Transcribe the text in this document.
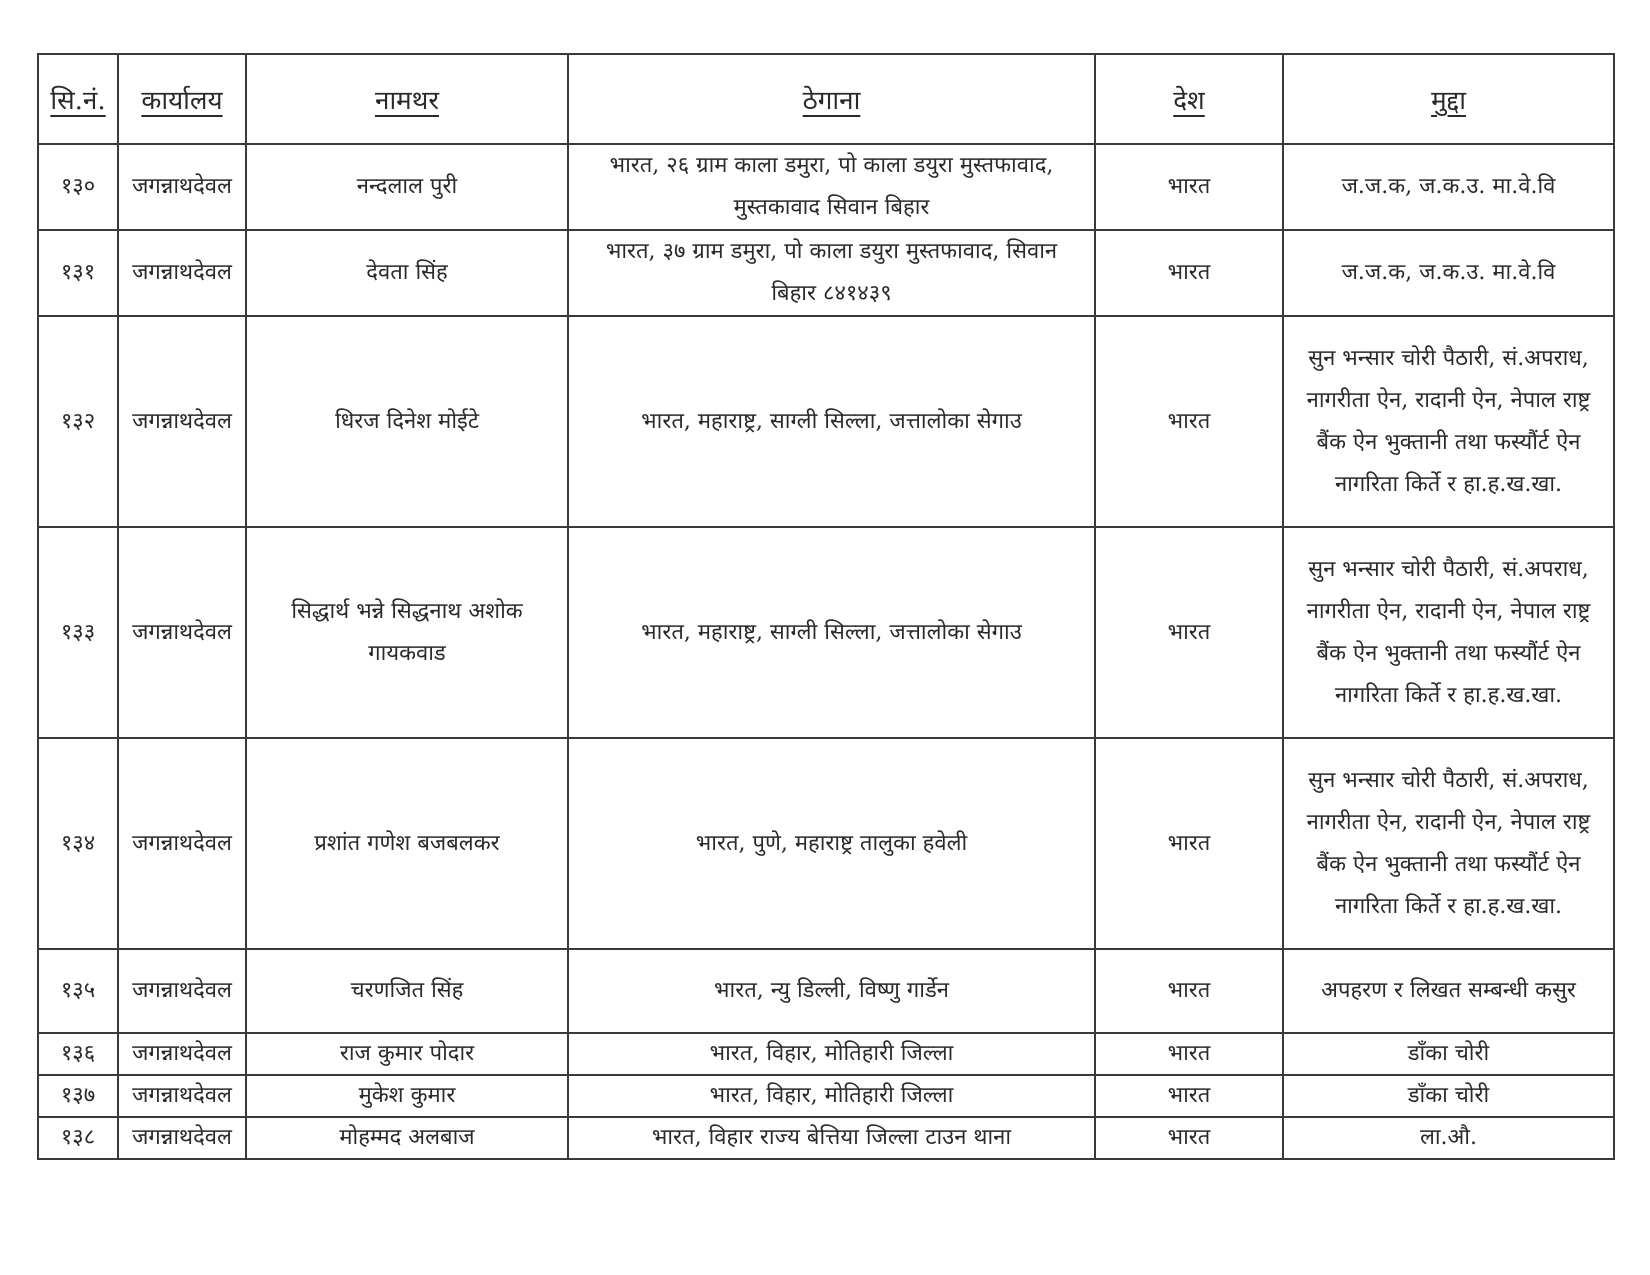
सि.नं.	कार्यालय	नामथर	ठेगाना	देश	मुद्दा
१३०	जगन्नाथदेवल	नन्दलाल पुरी	भारत, २६ ग्राम काला डमुरा, पो काला डयुरा मुस्तफावाद, मुस्तकावाद सिवान बिहार	भारत	ज.ज.क, ज.क.उ. मा.वे.वि
१३१	जगन्नाथदेवल	देवता सिंह	भारत, ३७ ग्राम डमुरा, पो काला डयुरा मुस्तफावाद, सिवान बिहार ८४१४३९	भारत	ज.ज.क, ज.क.उ. मा.वे.वि
१३२	जगन्नाथदेवल	धिरज दिनेश मोईटे	भारत, महाराष्ट्र, साग्ली सिल्ला, जत्तालोका सेगाउ	भारत	सुन भन्सार चोरी पैठारी, सं.अपराध, नागरीता ऐन, रादानी ऐन, नेपाल राष्ट्र बैंक ऐन भुक्तानी तथा फस्यौंर्ट ऐन नागरिता किर्ते र हा.ह.ख.खा.
१३३	जगन्नाथदेवल	सिद्धार्थ भन्ने सिद्धनाथ अशोक गायकवाड	भारत, महाराष्ट्र, साग्ली सिल्ला, जत्तालोका सेगाउ	भारत	सुन भन्सार चोरी पैठारी, सं.अपराध, नागरीता ऐन, रादानी ऐन, नेपाल राष्ट्र बैंक ऐन भुक्तानी तथा फस्यौंर्ट ऐन नागरिता किर्ते र हा.ह.ख.खा.
१३४	जगन्नाथदेवल	प्रशांत गणेश बजबलकर	भारत, पुणे, महाराष्ट्र तालुका हवेली	भारत	सुन भन्सार चोरी पैठारी, सं.अपराध, नागरीता ऐन, रादानी ऐन, नेपाल राष्ट्र बैंक ऐन भुक्तानी तथा फस्यौंर्ट ऐन नागरिता किर्ते र हा.ह.ख.खा.
१३५	जगन्नाथदेवल	चरणजित सिंह	भारत, न्यु डिल्ली, विष्णु गार्डेन	भारत	अपहरण र लिखत सम्बन्धी कसुर
१३६	जगन्नाथदेवल	राज कुमार पोदार	भारत, विहार, मोतिहारी जिल्ला	भारत	डाँका चोरी
१३७	जगन्नाथदेवल	मुकेश कुमार	भारत, विहार, मोतिहारी जिल्ला	भारत	डाँका चोरी
१३८	जगन्नाथदेवल	मोहम्मद अलबाज	भारत, विहार राज्य बेत्तिया जिल्ला टाउन थाना	भारत	ला.औ.
